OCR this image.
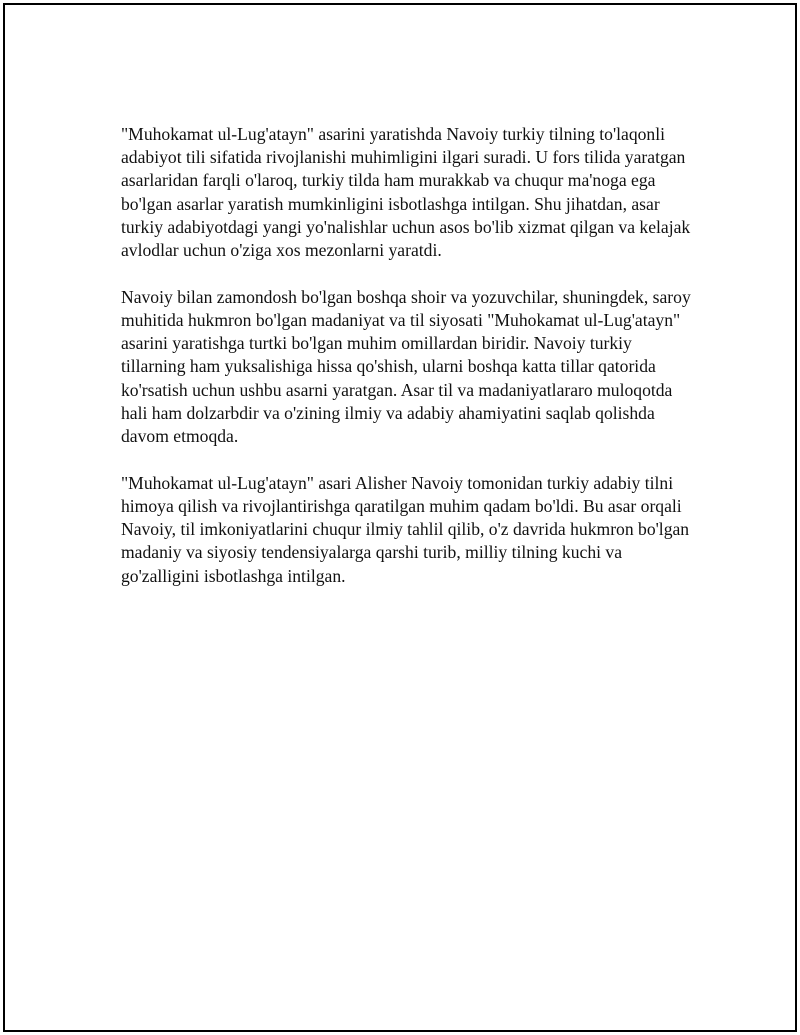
"Muhokamat ul-Lug'atayn" asarini yaratishda Navoiy turkiy tilning to'laqonli adabiyot tili sifatida rivojlanishi muhimligini ilgari suradi. U fors tilida yaratgan asarlaridan farqli o'laroq, turkiy tilda ham murakkab va chuqur ma'noga ega bo'lgan asarlar yaratish mumkinligini isbotlashga intilgan. Shu jihatdan, asar turkiy adabiyotdagi yangi yo'nalishlar uchun asos bo'lib xizmat qilgan va kelajak avlodlar uchun o'ziga xos mezonlarni yaratdi.

Navoiy bilan zamondosh bo'lgan boshqa shoir va yozuvchilar, shuningdek, saroy muhitida hukmron bo'lgan madaniyat va til siyosati "Muhokamat ul-Lug'atayn" asarini yaratishga turtki bo'lgan muhim omillardan biridir. Navoiy turkiy tillarning ham yuksalishiga hissa qo'shish, ularni boshqa katta tillar qatorida ko'rsatish uchun ushbu asarni yaratgan. Asar til va madaniyatlararo muloqotda hali ham dolzarbdir va o'zining ilmiy va adabiy ahamiyatini saqlab qolishda davom etmoqda.

"Muhokamat ul-Lug'atayn" asari Alisher Navoiy tomonidan turkiy adabiy tilni himoya qilish va rivojlantirishga qaratilgan muhim qadam bo'ldi. Bu asar orqali Navoiy, til imkoniyatlarini chuqur ilmiy tahlil qilib, o'z davrida hukmron bo'lgan madaniy va siyosiy tendensiyalarga qarshi turib, milliy tilning kuchi va go'zalligini isbotlashga intilgan.
